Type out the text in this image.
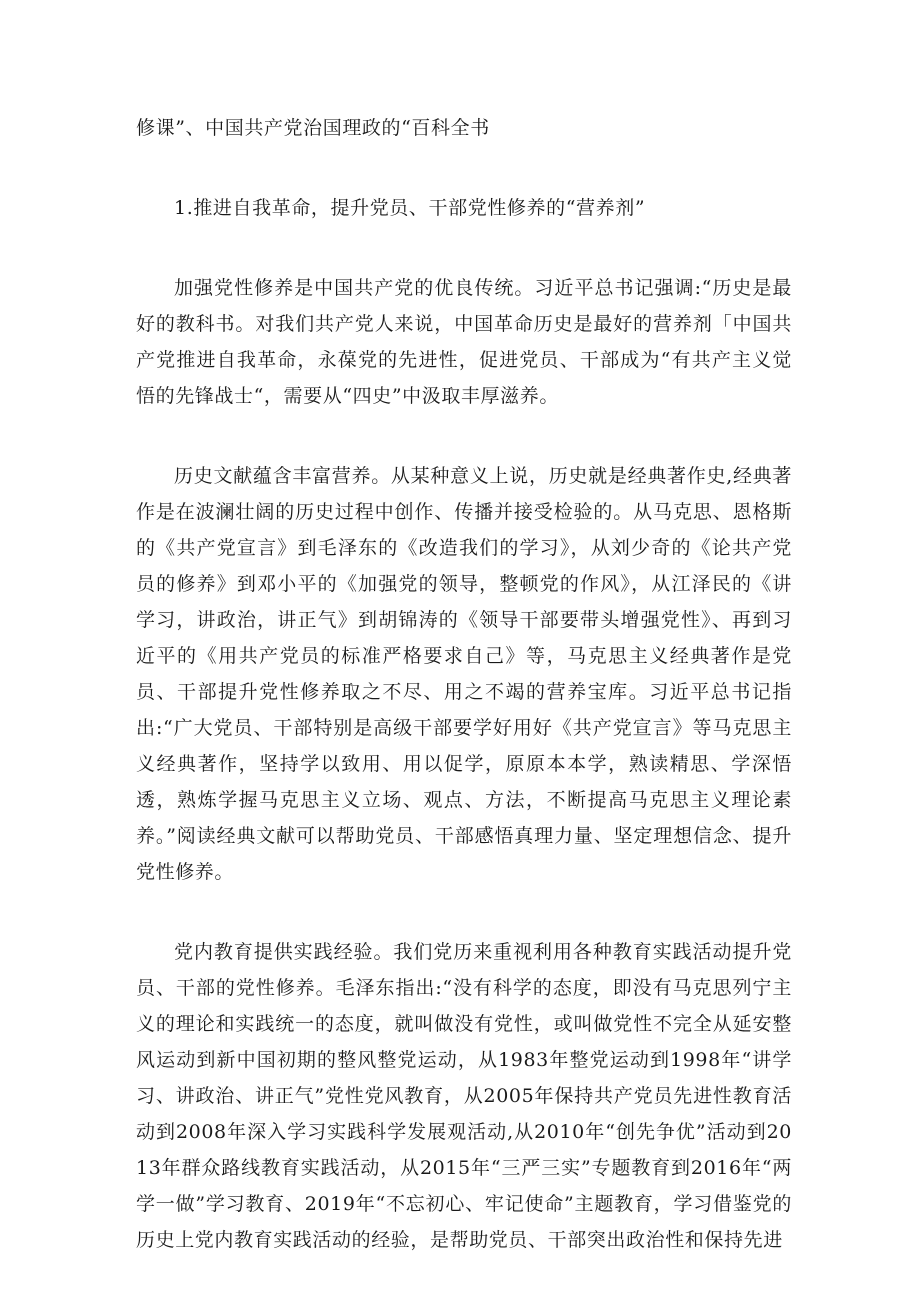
修课”、中国共产党治国理政的“百科全书

1.推进自我革命，提升党员、干部党性修养的“营养剂”

加强党性修养是中国共产党的优良传统。习近平总书记强调:“历史是最好的教科书。对我们共产党人来说，中国革命历史是最好的营养剂「中国共产党推进自我革命，永葆党的先进性，促进党员、干部成为“有共产主义觉悟的先锋战士“，需要从“四史”中汲取丰厚滋养。

历史文献蕴含丰富营养。从某种意义上说，历史就是经典著作史,经典著作是在波澜壮阔的历史过程中创作、传播并接受检验的。从马克思、恩格斯的《共产党宣言》到毛泽东的《改造我们的学习》，从刘少奇的《论共产党员的修养》到邓小平的《加强党的领导，整顿党的作风》，从江泽民的《讲学习，讲政治，讲正气》到胡锦涛的《领导干部要带头增强党性》、再到习近平的《用共产党员的标准严格要求自己》等，马克思主义经典著作是党员、干部提升党性修养取之不尽、用之不竭的营养宝库。习近平总书记指出:“广大党员、干部特别是高级干部要学好用好《共产党宣言》等马克思主义经典著作，坚持学以致用、用以促学，原原本本学，熟读精思、学深悟透，熟炼学握马克思主义立场、观点、方法，不断提高马克思主义理论素养。”阅读经典文献可以帮助党员、干部感悟真理力量、坚定理想信念、提升党性修养。

党内教育提供实践经验。我们党历来重视利用各种教育实践活动提升党员、干部的党性修养。毛泽东指出:“没有科学的态度，即没有马克思列宁主义的理论和实践统一的态度，就叫做没有党性，或叫做党性不完全从延安整风运动到新中国初期的整风整党运动，从1983年整党运动到1998年“讲学习、讲政治、讲正气”党性党风教育，从2005年保持共产党员先进性教育活动到2008年深入学习实践科学发展观活动,从2010年“创先争优”活动到2013年群众路线教育实践活动，从2015年“三严三实”专题教育到2016年“两学一做”学习教育、2019年“不忘初心、牢记使命”主题教育，学习借鉴党的历史上党内教育实践活动的经验，是帮助党员、干部突出政治性和保持先进
